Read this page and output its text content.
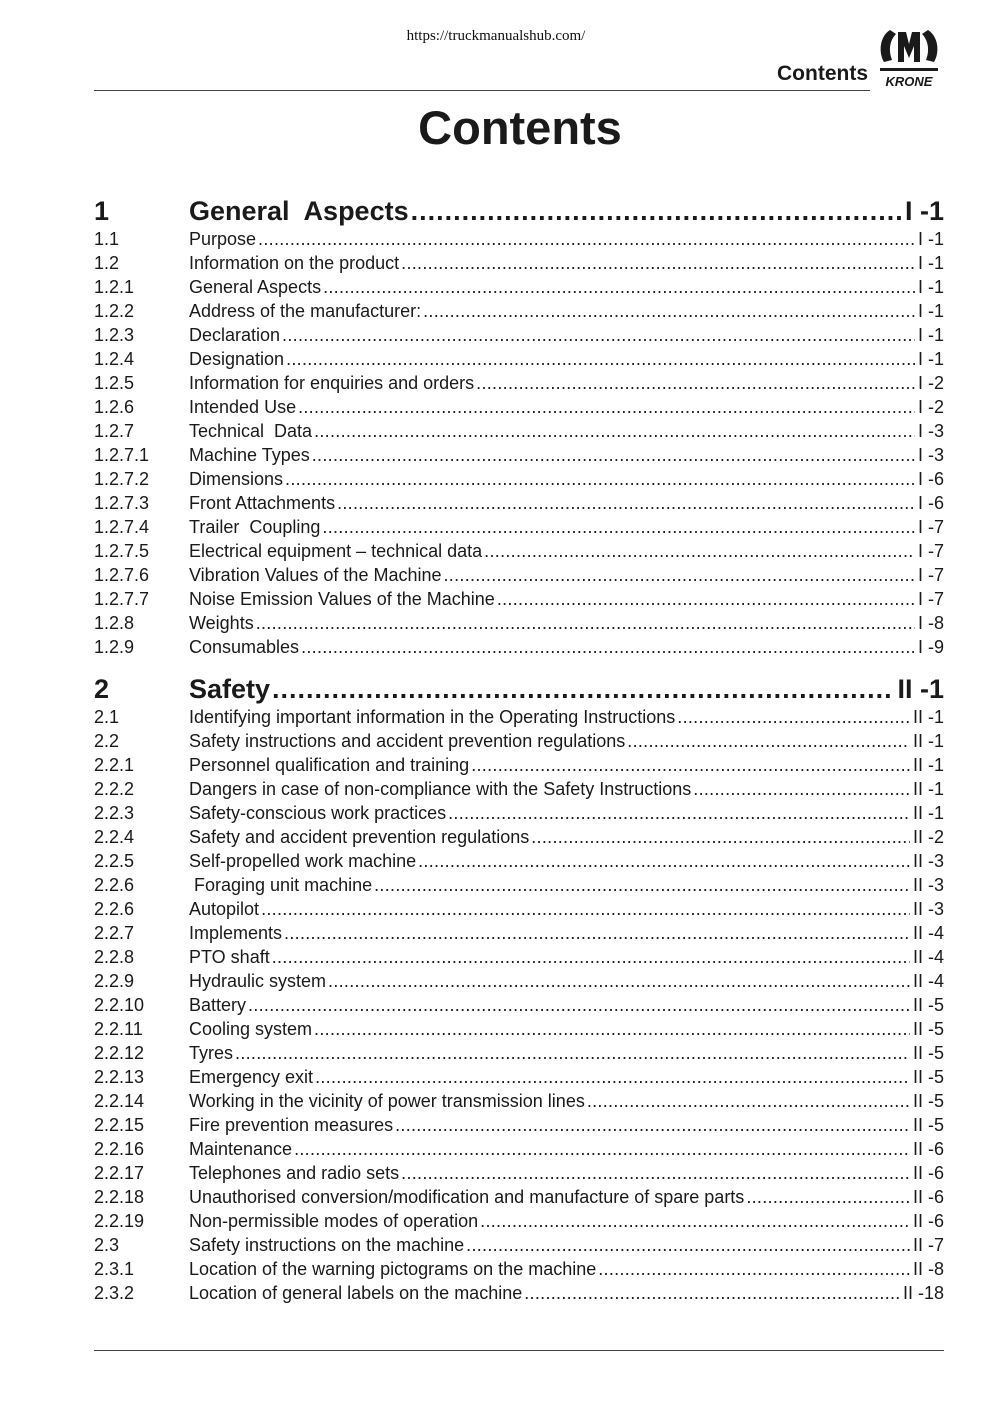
https://truckmanualshub.com/
Contents KRONE
Contents
1	General  Aspects .....	I -1
1.1	Purpose .....	I -1
1.2	Information on the product .....	I -1
1.2.1	General Aspects .....	I -1
1.2.2	Address of the manufacturer: .....	I -1
1.2.3	Declaration .....	I -1
1.2.4	Designation .....	I -1
1.2.5	Information for enquiries and orders .....	I -2
1.2.6	Intended Use .....	I -2
1.2.7	Technical  Data .....	I -3
1.2.7.1	Machine Types .....	I -3
1.2.7.2	Dimensions .....	I -6
1.2.7.3	Front Attachments .....	I -6
1.2.7.4	Trailer  Coupling .....	I -7
1.2.7.5	Electrical equipment – technical data .....	I -7
1.2.7.6	Vibration Values of the Machine .....	I -7
1.2.7.7	Noise Emission Values of the Machine .....	I -7
1.2.8	Weights .....	I -8
1.2.9	Consumables .....	I -9
2	Safety .....	II -1
2.1	Identifying important information in the Operating Instructions .....	II -1
2.2	Safety instructions and accident prevention regulations .....	II -1
2.2.1	Personnel qualification and training .....	II -1
2.2.2	Dangers in case of non-compliance with the Safety Instructions .....	II -1
2.2.3	Safety-conscious work practices .....	II -1
2.2.4	Safety and accident prevention regulations .....	II -2
2.2.5	Self-propelled work machine .....	II -3
2.2.6	Foraging unit machine .....	II -3
2.2.6	Autopilot .....	II -3
2.2.7	Implements .....	II -4
2.2.8	PTO shaft .....	II -4
2.2.9	Hydraulic system .....	II -4
2.2.10	Battery .....	II -5
2.2.11	Cooling system .....	II -5
2.2.12	Tyres .....	II -5
2.2.13	Emergency exit .....	II -5
2.2.14	Working in the vicinity of power transmission lines .....	II -5
2.2.15	Fire prevention measures .....	II -5
2.2.16	Maintenance .....	II -6
2.2.17	Telephones and radio sets .....	II -6
2.2.18	Unauthorised conversion/modification and manufacture of spare parts .....	II -6
2.2.19	Non-permissible modes of operation .....	II -6
2.3	Safety instructions on the machine .....	II -7
2.3.1	Location of the warning pictograms on the machine .....	II -8
2.3.2	Location of general labels on the machine .....	II -18
